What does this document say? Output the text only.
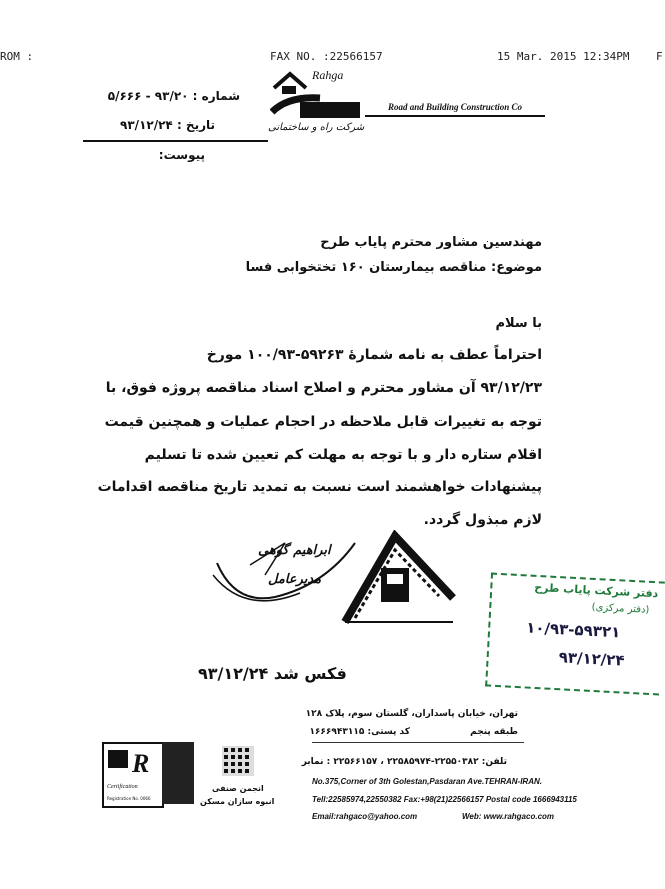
ROM :	FAX NO. :22566157	15 Mar. 2015 12:34PM F
Rahga
شرکت راه و ساختمانی
Road and Building Construction Co
شماره : ۹۳/۲۰ - ۵/۶۶۶
تاریخ : ۹۳/۱۲/۲۴
پیوست:
مهندسین مشاور محترم پایاب طرح
موضوع: مناقصه بیمارستان ۱۶۰ تختخوابی فسا
با سلام
احتراماً عطف به نامه شمارهٔ ۵۹۲۶۳-۱۰۰/۹۳ مورخ
۹۳/۱۲/۲۳ آن مشاور محترم و اصلاح اسناد مناقصه پروژه فوق، با
توجه به تغییرات قابل ملاحظه در احجام عملیات و همچنین قیمت
اقلام ستاره دار و با توجه به مهلت کم تعیین شده تا تسلیم
پیشنهادات خواهشمند است نسبت به تمدید تاریخ مناقصه اقدامات
لازم مبذول گردد.
ابراهیم گوهی
مدیرعامل
دفتر شرکت پایاب طرح
(دفتر مرکزی)
۱۰/۹۳-۵۹۳۲۱
۹۳/۱۲/۲۴
فکس شد ۹۳/۱۲/۲۴
تهران، خیابان پاسداران، گلستان سوم، پلاک ۱۲۸
طبقه پنجم
کد پستی: ۱۶۶۶۹۴۳۱۱۵
تلفن: ۲۲۵۵۰۳۸۲-۲۲۵۸۵۹۷۴ ، ۲۲۵۶۶۱۵۷ : نمابر
No.375,Corner of 3th Golestan,Pasdaran Ave.TEHRAN-IRAN.
Tell:22585974,22550382 Fax:+98(21)22566157 Postal code 1666943115
Email:rahgaco@yahoo.com	Web: www.rahgaco.com
R
Certification
Registration No. 0066
انجمن صنفی
انبوه سازان مسکن
